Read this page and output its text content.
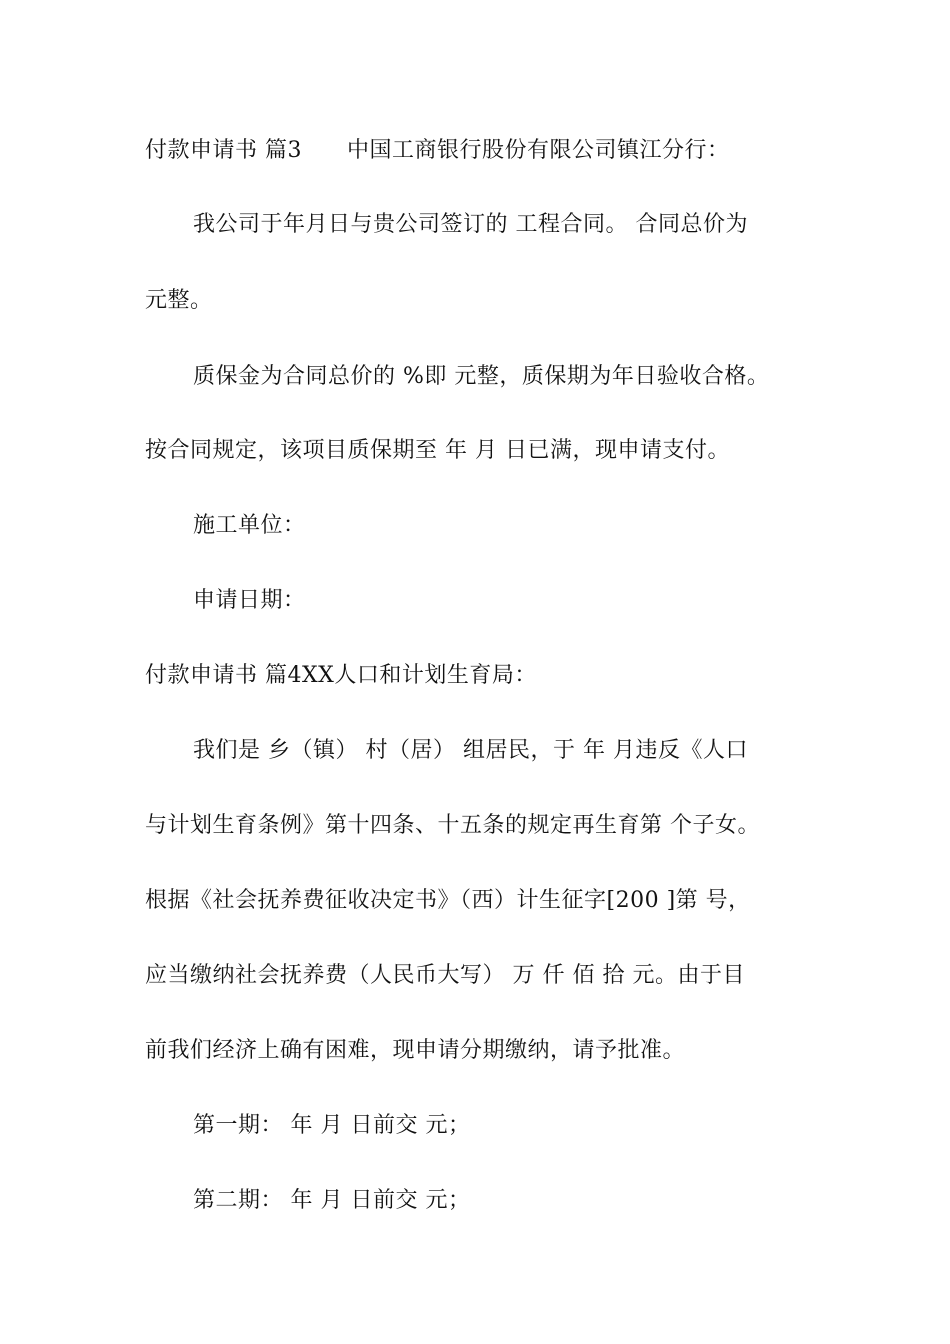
付款申请书 篇3　　中国工商银行股份有限公司镇江分行：
我公司于年月日与贵公司签订的 工程合同。 合同总价为
元整。
质保金为合同总价的 %即 元整，质保期为年日验收合格。
按合同规定，该项目质保期至 年 月 日已满，现申请支付。
施工单位：
申请日期：
付款申请书 篇4XX人口和计划生育局：
我们是 乡（镇） 村（居） 组居民，于 年 月违反《人口
与计划生育条例》第十四条、十五条的规定再生育第 个子女。
根据《社会抚养费征收决定书》（西）计生征字[200 ]第 号，
应当缴纳社会抚养费（人民币大写） 万 仟 佰 拾 元。由于目
前我们经济上确有困难，现申请分期缴纳，请予批准。
第一期： 年 月 日前交 元；
第二期： 年 月 日前交 元；
